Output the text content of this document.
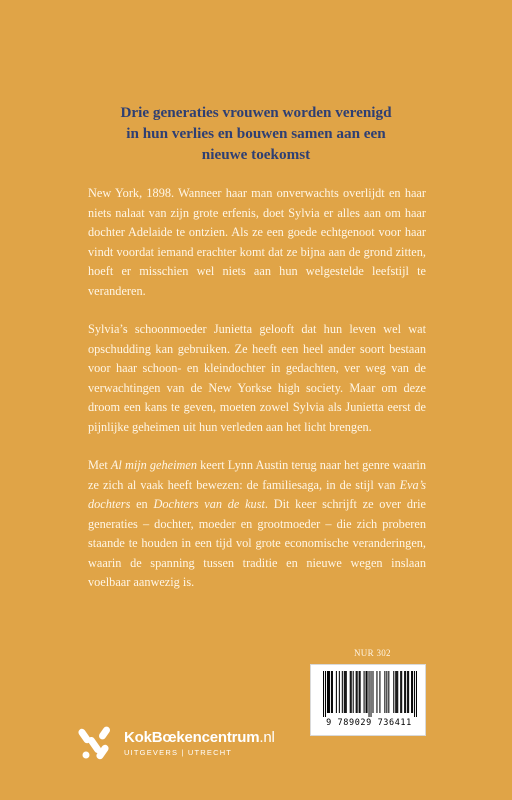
Drie generaties vrouwen worden verenigd
in hun verlies en bouwen samen aan een
nieuwe toekomst

New York, 1898. Wanneer haar man onverwachts overlijdt en haar niets nalaat van zijn grote erfenis, doet Sylvia er alles aan om haar dochter Adelaide te ontzien. Als ze een goede echtgenoot voor haar vindt voordat iemand erachter komt dat ze bijna aan de grond zitten, hoeft er misschien wel niets aan hun welgestelde leefstijl te veranderen.

Sylvia’s schoonmoeder Junietta gelooft dat hun leven wel wat opschudding kan gebruiken. Ze heeft een heel ander soort bestaan voor haar schoon- en kleindochter in gedachten, ver weg van de verwachtingen van de New Yorkse high society. Maar om deze droom een kans te geven, moeten zowel Sylvia als Junietta eerst de pijnlijke geheimen uit hun verleden aan het licht brengen.

Met Al mijn geheimen keert Lynn Austin terug naar het genre waarin ze zich al vaak heeft bewezen: de familiesaga, in de stijl van Eva’s dochters en Dochters van de kust. Dit keer schrijft ze over drie generaties – dochter, moeder en grootmoeder – die zich proberen staande te houden in een tijd vol grote economische veranderingen, waarin de spanning tussen traditie en nieuwe wegen inslaan voelbaar aanwezig is.

NUR 302
9 789029 736411
KokBœkencentrum.nl
UITGEVERS | UTRECHT
